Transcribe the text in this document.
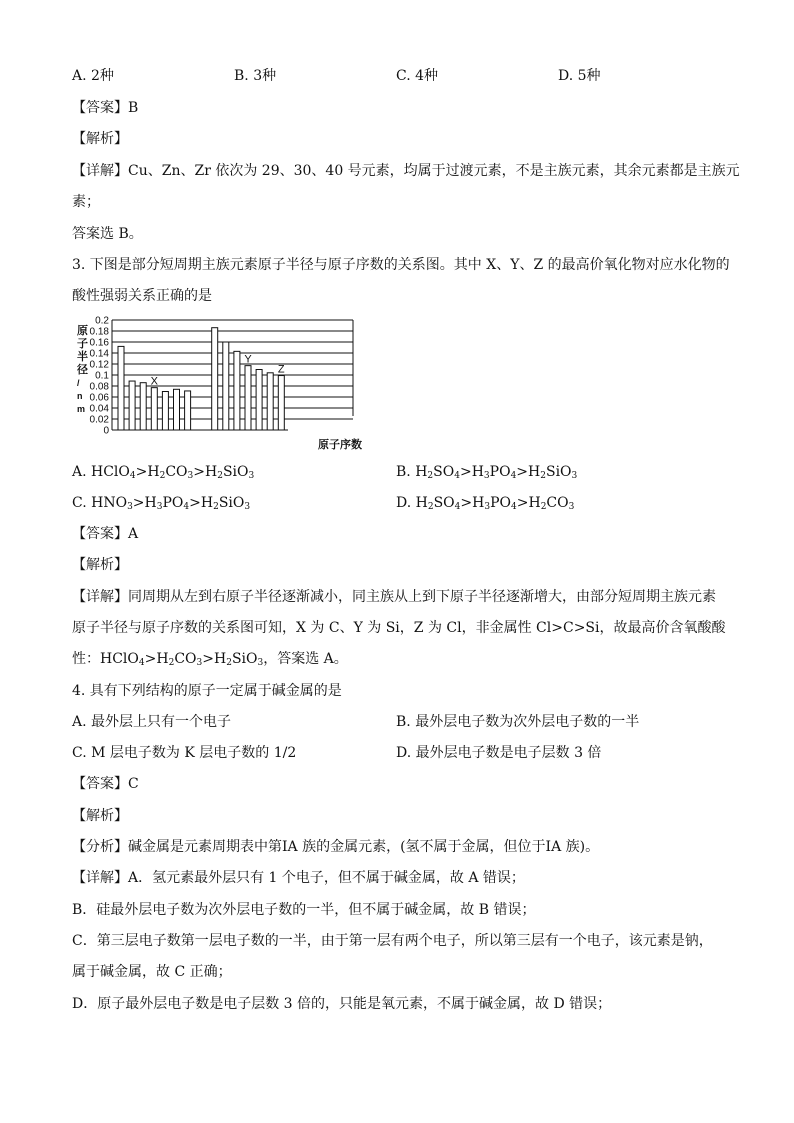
A. 2种	B. 3种	C. 4种	D. 5种
【答案】B
【解析】
【详解】Cu、Zn、Zr 依次为 29、30、40 号元素，均属于过渡元素，不是主族元素，其余元素都是主族元
素；
答案选 B。
3. 下图是部分短周期主族元素原子半径与原子序数的关系图。其中 X、Y、Z 的最高价氧化物对应水化物的
酸性强弱关系正确的是
0
0.02
0.04
0.06
0.08
0.1
0.12
0.14
0.16
0.18
0.2
X
Y
Z
原子半径/ n m
原子序数
A. $HClO_4>H_2CO_3>H_2SiO_3$	B. $H_2SO_4>H_3PO_4>H_2SiO_3$
C. $HNO_3>H_3PO_4>H_2SiO_3$	D. $H_2SO_4>H_3PO_4>H_2CO_3$
【答案】A
【解析】
【详解】同周期从左到右原子半径逐渐减小，同主族从上到下原子半径逐渐增大，由部分短周期主族元素
原子半径与原子序数的关系图可知，X 为 C、Y 为 Si，Z 为 Cl，非金属性 Cl>C>Si，故最高价含氧酸酸
性：$HClO_4>H_2CO_3>H_2SiO_3$，答案选 A。
4. 具有下列结构的原子一定属于碱金属的是
A. 最外层上只有一个电子	B. 最外层电子数为次外层电子数的一半
C. M 层电子数为 K 层电子数的 1/2	D. 最外层电子数是电子层数 3 倍
【答案】C
【解析】
【分析】碱金属是元素周期表中第ⅠA 族的金属元素，(氢不属于金属，但位于ⅠA 族)。
【详解】A．氢元素最外层只有 1 个电子，但不属于碱金属，故 A 错误；
B．硅最外层电子数为次外层电子数的一半，但不属于碱金属，故 B 错误；
C．第三层电子数第一层电子数的一半，由于第一层有两个电子，所以第三层有一个电子，该元素是钠，
属于碱金属，故 C 正确；
D．原子最外层电子数是电子层数 3 倍的，只能是氧元素，不属于碱金属，故 D 错误；
